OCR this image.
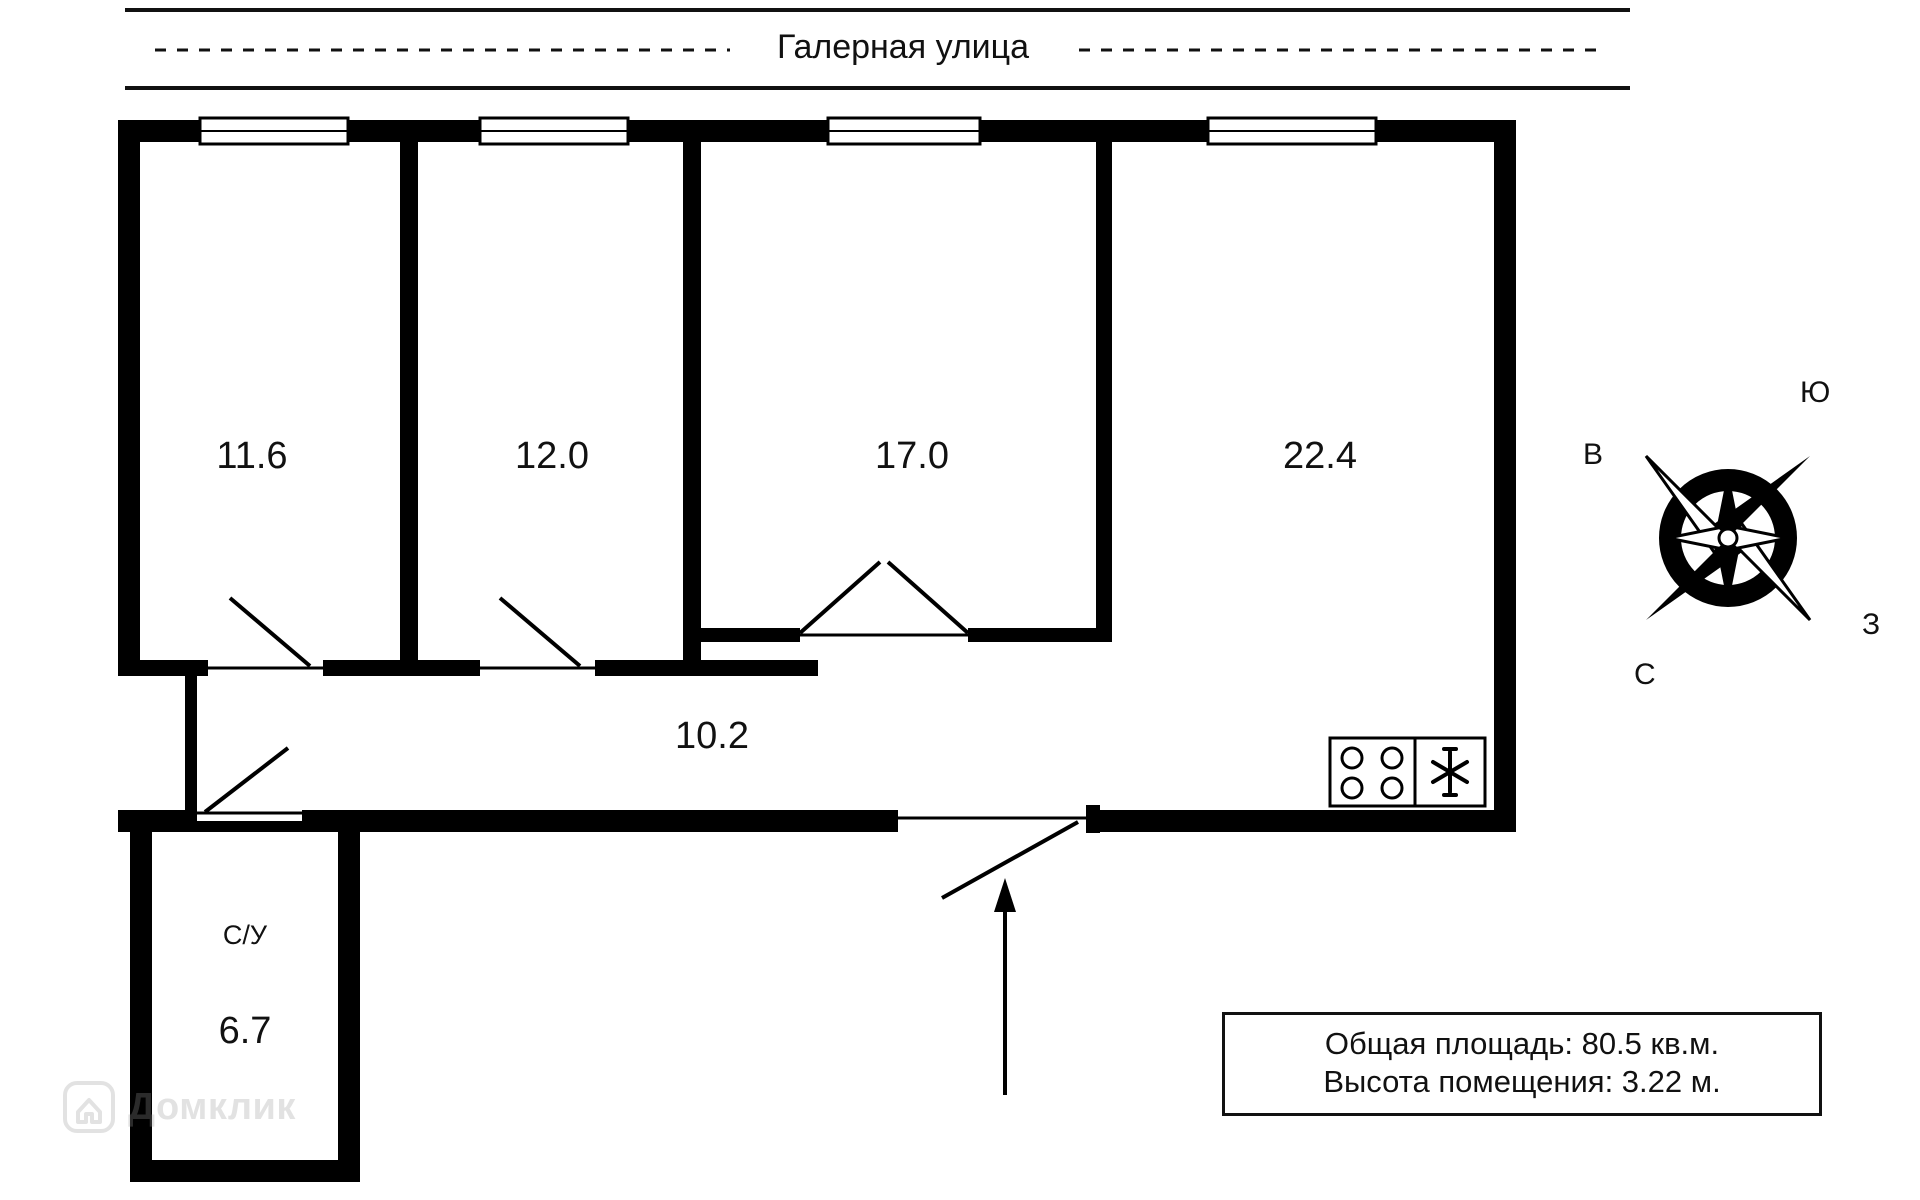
Галерная улица
11.6	12.0	17.0	22.4
10.2
С/У
6.7
Ю
В
З
С
Общая площадь: 80.5 кв.м.
Высота помещения: 3.22 м.
Домклик
